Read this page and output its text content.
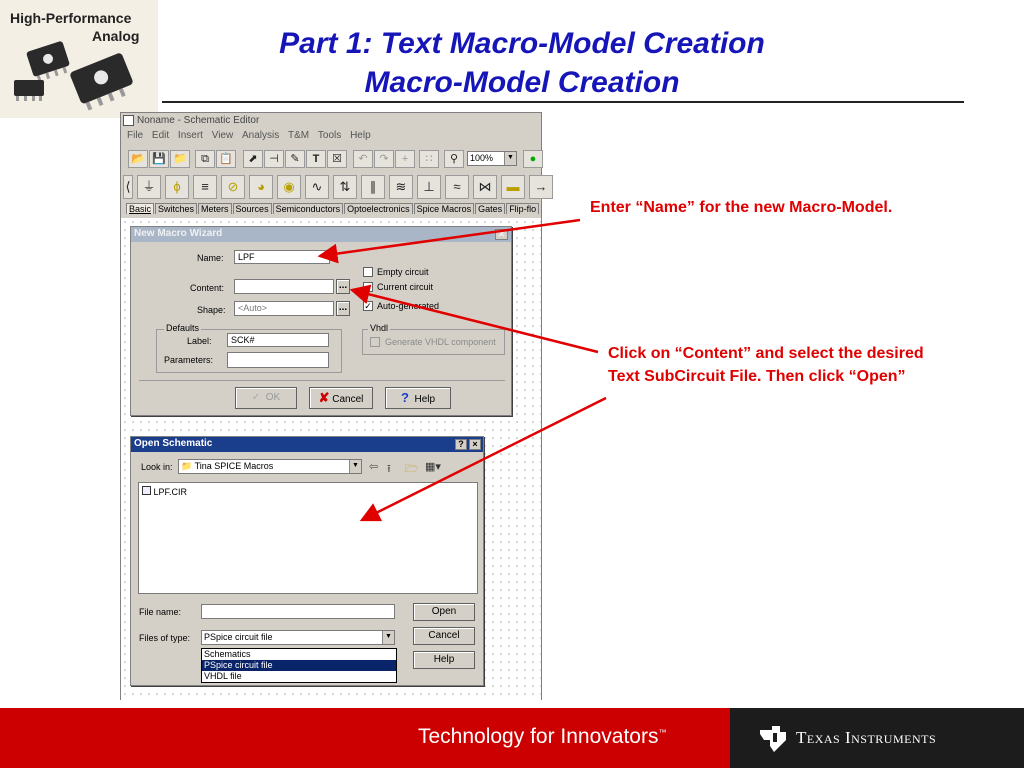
High-Performance
Analog	Part 1: Text Macro-Model Creation
Macro-Model Creation
Noname - Schematic Editor
File Edit Insert View Analysis T&M Tools Help
📂 💾 📁	⧉ 📋	⬈	⊣	✎	T	☒	↶	↷	+	∷	⚲	100%	▼	●
⟨ ⏚	ϕ	≡	⊘	◕	◉	∿	⇅	∥	≋	⊥	≈	⋈	▬	→
Basic Switches Meters Sources Semiconductors Optoelectronics Spice Macros Gates Flip-flo
New Macro Wizard	✕
Name:	LPF
Content:	...
Shape:	<Auto>	...
Empty circuit
Current circuit
✓ Auto-generated
Defaults
Label:	SCK#
Parameters:
Vhdl
Generate VHDL component
✓ OK	✘ Cancel	? Help
Open Schematic	? ×
Look in: 📁 Tina SPICE Macros	▼ ⇦ ⭱ 🗁 ▦▾
LPF.CIR
File name:	Open
Files of type:	PSpice circuit file	▼	Cancel
Help
Schematics
PSpice circuit file
VHDL file
Enter “Name” for the new Macro-Model.
Click on “Content” and select the desired Text SubCircuit File. Then click “Open”
Technology for Innovators™	Texas Instruments
